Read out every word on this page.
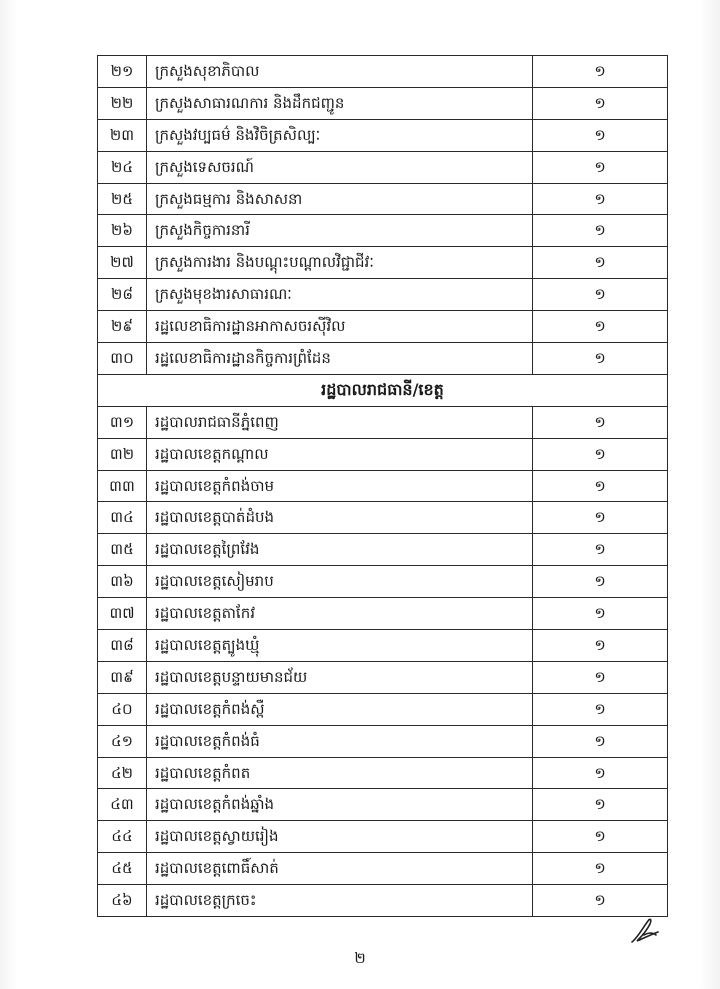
២១	ក្រសួងសុខាភិបាល	១
២២	ក្រសួងសាធារណការ និងដឹកជញ្ជូន	១
២៣	ក្រសួងវប្បធម៌ និងវិចិត្រសិល្បៈ	១
២៤	ក្រសួងទេសចរណ៍	១
២៥	ក្រសួងធម្មការ និងសាសនា	១
២៦	ក្រសួងកិច្ចការនារី	១
២៧	ក្រសួងការងារ និងបណ្តុះបណ្តាលវិជ្ជាជីវៈ	១
២៨	ក្រសួងមុខងារសាធារណៈ	១
២៩	រដ្ឋលេខាធិការដ្ឋានអាកាសចរស៊ីវិល	១
៣០	រដ្ឋលេខាធិការដ្ឋានកិច្ចការព្រំដែន	១
រដ្ឋបាលរាជធានី/ខេត្ត		
៣១	រដ្ឋបាលរាជធានីភ្នំពេញ	១
៣២	រដ្ឋបាលខេត្តកណ្តាល	១
៣៣	រដ្ឋបាលខេត្តកំពង់ចាម	១
៣៤	រដ្ឋបាលខេត្តបាត់ដំបង	១
៣៥	រដ្ឋបាលខេត្តព្រៃវែង	១
៣៦	រដ្ឋបាលខេត្តសៀមរាប	១
៣៧	រដ្ឋបាលខេត្តតាកែវ	១
៣៨	រដ្ឋបាលខេត្តត្បូងឃ្មុំ	១
៣៩	រដ្ឋបាលខេត្តបន្ទាយមានជ័យ	១
៤០	រដ្ឋបាលខេត្តកំពង់ស្ពឺ	១
៤១	រដ្ឋបាលខេត្តកំពង់ធំ	១
៤២	រដ្ឋបាលខេត្តកំពត	១
៤៣	រដ្ឋបាលខេត្តកំពង់ឆ្នាំង	១
៤៤	រដ្ឋបាលខេត្តស្វាយរៀង	១
៤៥	រដ្ឋបាលខេត្តពោធិ៍សាត់	១
៤៦	រដ្ឋបាលខេត្តក្រចេះ	១
២
